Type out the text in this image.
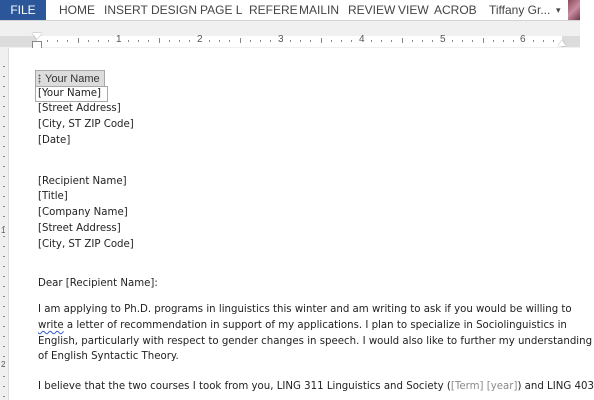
FILE	HOME INSERT DESIGN PAGE L REFERE MAILIN REVIEW VIEW ACROB Tiffany Gr... ▾
1	2	3	4	5	6
1
2
Your Name
[Your Name]
[Street Address]
[City, ST ZIP Code]
[Date]
[Recipient Name]
[Title]
[Company Name]
[Street Address]
[City, ST ZIP Code]
Dear [Recipient Name]:
I am applying to Ph.D. programs in linguistics this winter and am writing to ask if you would be willing to
write a letter of recommendation in support of my applications. I plan to specialize in Sociolinguistics in
English, particularly with respect to gender changes in speech. I would also like to further my understanding
of English Syntactic Theory.
I believe that the two courses I took from you, LING 311 Linguistics and Society ([Term] [year]) and LING 403
